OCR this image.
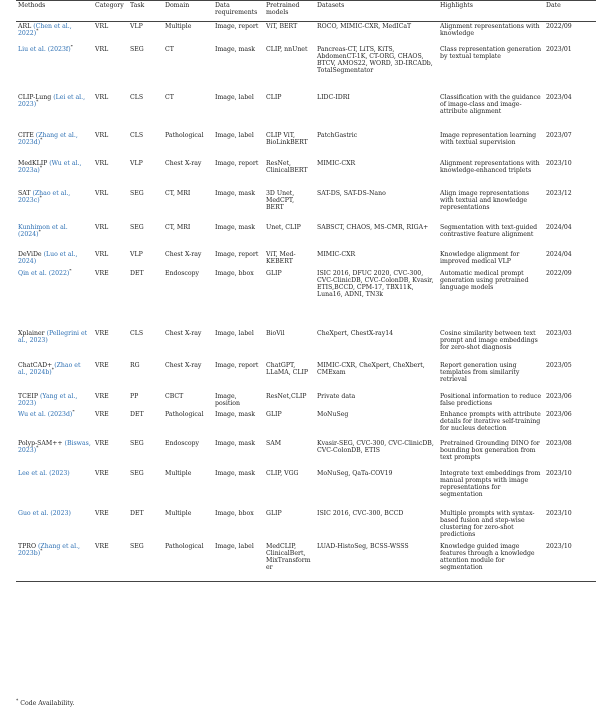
Methods	Category	Task	Domain	Data requirements	Pretrained models	Datasets	Highlights	Date
ARL (Chen et al., 2022)*	VRL	VLP	Multiple	Image, report	ViT, BERT	ROCO, MIMIC-CXR, MedICaT	Alignment representations with knowledge	2022/09
Liu et al. (2023f)*	VRL	SEG	CT	Image, mask	CLIP, nnUnet	Pancreas-CT, LiTS, KiTS, AbdomenCT-1K, CT-ORG, CHAOS, BTCV, AMOS22, WORD, 3D-IRCADb, TotalSegmentator	Class representation generation by textual template	2023/01
CLIP-Lung (Lei et al., 2023)*	VRL	CLS	CT	Image, label	CLIP	LIDC-IDRI	Classification with the guidance of image-class and image-attribute alignment	2023/04
CITE (Zhang et al., 2023d)*	VRL	CLS	Pathological	Image, label	CLIP ViT, BioLinkBERT	PatchGastric	Image representation learning with textual supervision	2023/07
MedKLIP (Wu et al., 2023a)*	VRL	VLP	Chest X-ray	Image, report	ResNet, ClinicalBERT	MIMIC-CXR	Alignment representations with knowledge-enhanced triplets	2023/10
SAT (Zhao et al., 2023c)*	VRL	SEG	CT, MRI	Image, mask	3D Unet, MedCPT, BERT	SAT-DS, SAT-DS-Nano	Align image representations with textual and knowledge representations	2023/12
Kunhimon et al. (2024)*	VRL	SEG	CT, MRI	Image, mask	Unet, CLIP	SABSCT, CHAOS, MS-CMR, RIGA+	Segmentation with text-guided contrastive feature alignment	2024/04
DeViDe (Luo et al., 2024)	VRL	VLP	Chest X-ray	Image, report	ViT, Med-KEBERT	MIMIC-CXR	Knowledge alignment for improved medical VLP	2024/04
Qin et al. (2022)*	VRE	DET	Endoscopy	Image, bbox	GLIP	ISIC 2016, DFUC 2020, CVC-300, CVC-ClinicDB, CVC-ColonDB, Kvasir, ETIS,BCCD, CPM-17, TBX11K, Luna16, ADNI, TN3k	Automatic medical prompt generation using pretrained language models	2022/09
Xplainer (Pellegrini et al., 2023)	VRE	CLS	Chest X-ray	Image, label	BioVil	CheXpert, ChestX-ray14	Cosine similarity between text prompt and image embeddings for zero-shot diagnosis	2023/03
ChatCAD+ (Zhao et al., 2024b)*	VRE	RG	Chest X-ray	Image, report	ChatGPT, LLaMA, CLIP	MIMIC-CXR, CheXpert, CheXbert, CMExam	Report generation using templates from similarity retrieval	2023/05
TCEIP (Yang et al., 2023)	VRE	PP	CBCT	Image, position	ResNet,CLIP	Private data	Positional information to reduce false predictions	2023/06
Wu et al. (2023d)*	VRE	DET	Pathological	Image, mask	GLIP	MoNuSeg	Enhance prompts with attribute details for iterative self-training for nucleus detection	2023/06
Polyp-SAM++ (Biswas, 2023)*	VRE	SEG	Endoscopy	Image, mask	SAM	Kvasir-SEG, CVC-300, CVC-ClinicDB, CVC-ColonDB, ETIS	Pretrained Grounding DINO for bounding box generation from text prompts	2023/08
Lee et al. (2023)	VRE	SEG	Multiple	Image, mask	CLIP, VGG	MoNuSeg, QaTa-COV19	Integrate text embeddings from manual prompts with image representations for segmentation	2023/10
Guo et al. (2023)	VRE	DET	Multiple	Image, bbox	GLIP	ISIC 2016, CVC-300, BCCD	Multiple prompts with syntax-based fusion and step-wise clustering for zero-shot predictions	2023/10
TPRO (Zhang et al., 2023b)*	VRE	SEG	Pathological	Image, label	MedCLIP, ClinicalBert, MixTransformer	LUAD-HistoSeg, BCSS-WSSS	Knowledge guided image features through a knowledge attention module for segmentation	2023/10
* Code Availability.
